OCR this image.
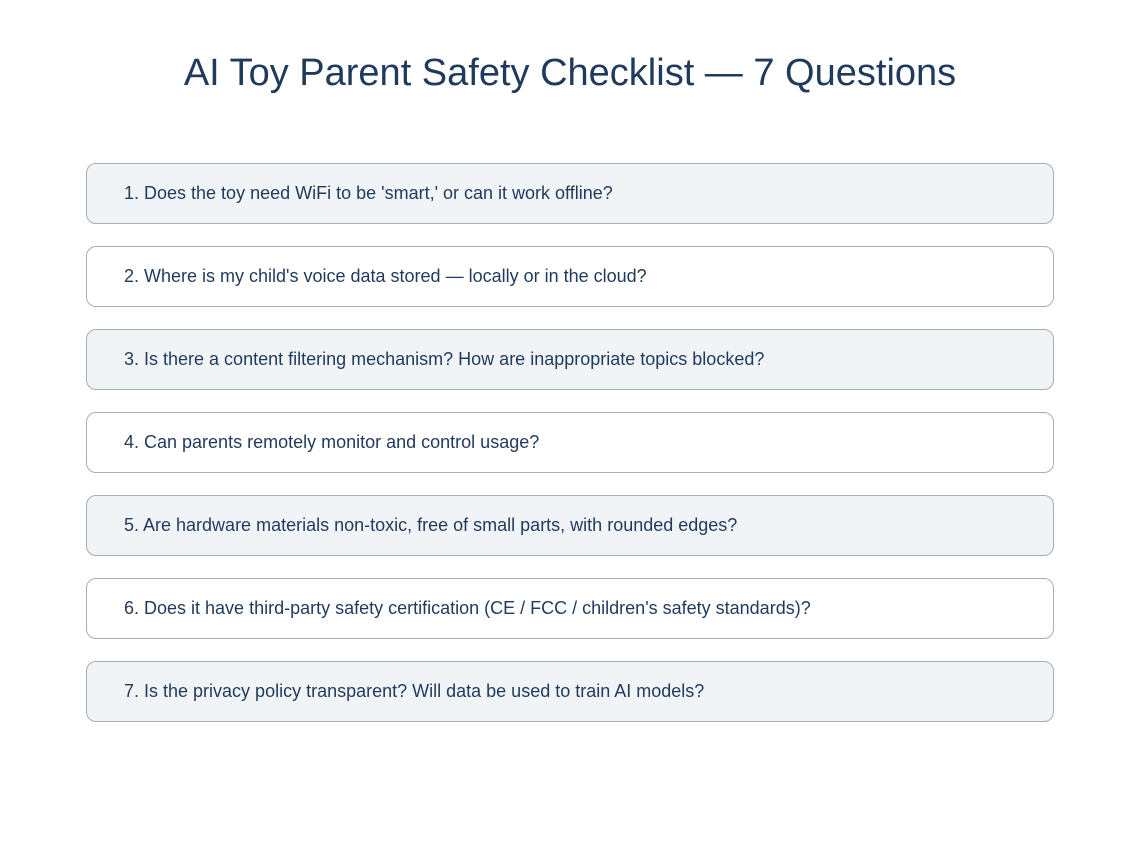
AI Toy Parent Safety Checklist — 7 Questions
1. Does the toy need WiFi to be 'smart,' or can it work offline?
2. Where is my child's voice data stored — locally or in the cloud?
3. Is there a content filtering mechanism? How are inappropriate topics blocked?
4. Can parents remotely monitor and control usage?
5. Are hardware materials non-toxic, free of small parts, with rounded edges?
6. Does it have third-party safety certification (CE / FCC / children's safety standards)?
7. Is the privacy policy transparent? Will data be used to train AI models?
